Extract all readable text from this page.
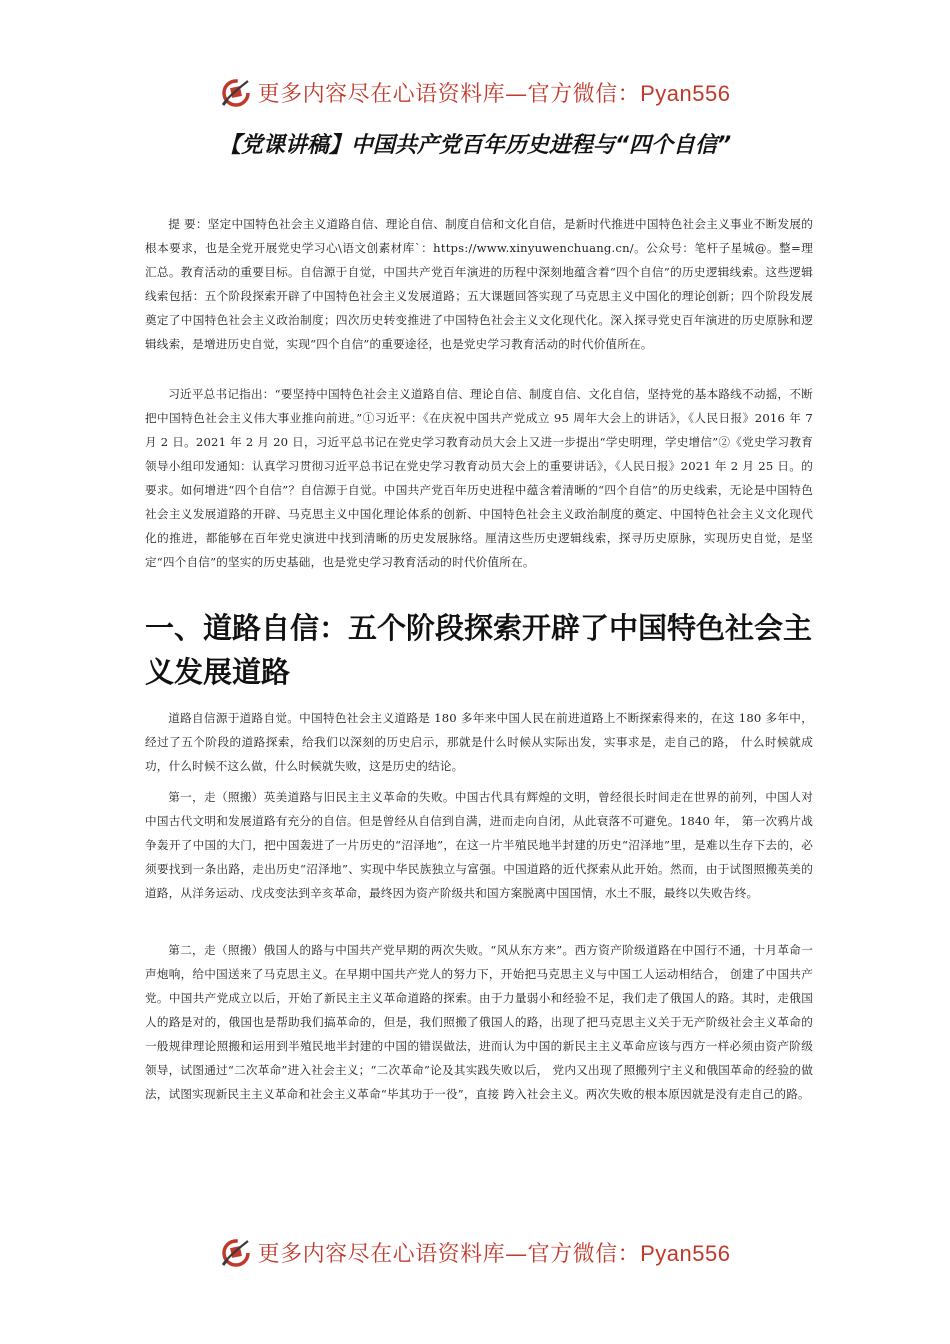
更多内容尽在心语资料库—官方微信：Pyan556
【党课讲稿】中国共产党百年历史进程与“四个自信”

提 要：坚定中国特色社会主义道路自信、理论自信、制度自信和文化自信，是新时代推进中国特色社会主义事业不断发展的根本要求，也是全党开展党史学习心\语文创素材库`：https://www.xinyuwenchuang.cn/。公众号：笔杆子星城@。整=理汇总。教育活动的重要目标。自信源于自觉，中国共产党百年演进的历程中深刻地蕴含着“四个自信”的历史逻辑线索。这些逻辑线索包括：五个阶段探索开辟了中国特色社会主义发展道路；五大课题回答实现了马克思主义中国化的理论创新；四个阶段发展奠定了中国特色社会主义政治制度；四次历史转变推进了中国特色社会主义文化现代化。深入探寻党史百年演进的历史原脉和逻辑线索，是增进历史自觉，实现“四个自信”的重要途径，也是党史学习教育活动的时代价值所在。

习近平总书记指出：“要坚持中国特色社会主义道路自信、理论自信、制度自信、文化自信，坚持党的基本路线不动摇，不断把中国特色社会主义伟大事业推向前进。”①习近平：《在庆祝中国共产党成立 95 周年大会上的讲话》，《人民日报》2016 年 7 月 2 日。2021 年 2 月 20 日，习近平总书记在党史学习教育动员大会上又进一步提出“学史明理，学史增信”②《党史学习教育领导小组印发通知：认真学习贯彻习近平总书记在党史学习教育动员大会上的重要讲话》，《人民日报》2021 年 2 月 25 日。的要求。如何增进“四个自信”？自信源于自觉。中国共产党百年历史进程中蕴含着清晰的“四个自信”的历史线索，无论是中国特色社会主义发展道路的开辟、马克思主义中国化理论体系的创新、中国特色社会主义政治制度的奠定、中国特色社会主义文化现代化的推进，都能够在百年党史演进中找到清晰的历史发展脉络。厘清这些历史逻辑线索，探寻历史原脉，实现历史自觉，是坚定“四个自信”的坚实的历史基础，也是党史学习教育活动的时代价值所在。

一、道路自信：五个阶段探索开辟了中国特色社会主义发展道路

道路自信源于道路自觉。中国特色社会主义道路是 180 多年来中国人民在前进道路上不断探索得来的，在这 180 多年中，经过了五个阶段的道路探索，给我们以深刻的历史启示，那就是什么时候从实际出发，实事求是，走自己的路， 什么时候就成功，什么时候不这么做，什么时候就失败，这是历史的结论。

第一，走（照搬）英美道路与旧民主主义革命的失败。中国古代具有辉煌的文明，曾经很长时间走在世界的前列，中国人对中国古代文明和发展道路有充分的自信。但是曾经从自信到自满，进而走向自闭，从此衰落不可避免。1840 年， 第一次鸦片战争轰开了中国的大门，把中国轰进了一片历史的“沼泽地”，在这一片半殖民地半封建的历史“沼泽地”里，是难以生存下去的，必须要找到一条出路，走出历史“沼泽地”、实现中华民族独立与富强。中国道路的近代探索从此开始。然而，由于试图照搬英美的道路，从洋务运动、戊戌变法到辛亥革命，最终因为资产阶级共和国方案脱离中国国情，水土不服，最终以失败告终。

第二，走（照搬）俄国人的路与中国共产党早期的两次失败。“风从东方来”。西方资产阶级道路在中国行不通，十月革命一声炮响，给中国送来了马克思主义。在早期中国共产党人的努力下，开始把马克思主义与中国工人运动相结合， 创建了中国共产党。中国共产党成立以后，开始了新民主主义革命道路的探索。由于力量弱小和经验不足，我们走了俄国人的路。其时，走俄国人的路是对的，俄国也是帮助我们搞革命的，但是，我们照搬了俄国人的路，出现了把马克思主义关于无产阶级社会主义革命的一般规律理论照搬和运用到半殖民地半封建的中国的错误做法，进而认为中国的新民主主义革命应该与西方一样必须由资产阶级领导，试图通过“二次革命”进入社会主义；“二次革命”论及其实践失败以后， 党内又出现了照搬列宁主义和俄国革命的经验的做法，试图实现新民主主义革命和社会主义革命“毕其功于一役”，直接 跨入社会主义。两次失败的根本原因就是没有走自己的路。

更多内容尽在心语资料库—官方微信：Pyan556
